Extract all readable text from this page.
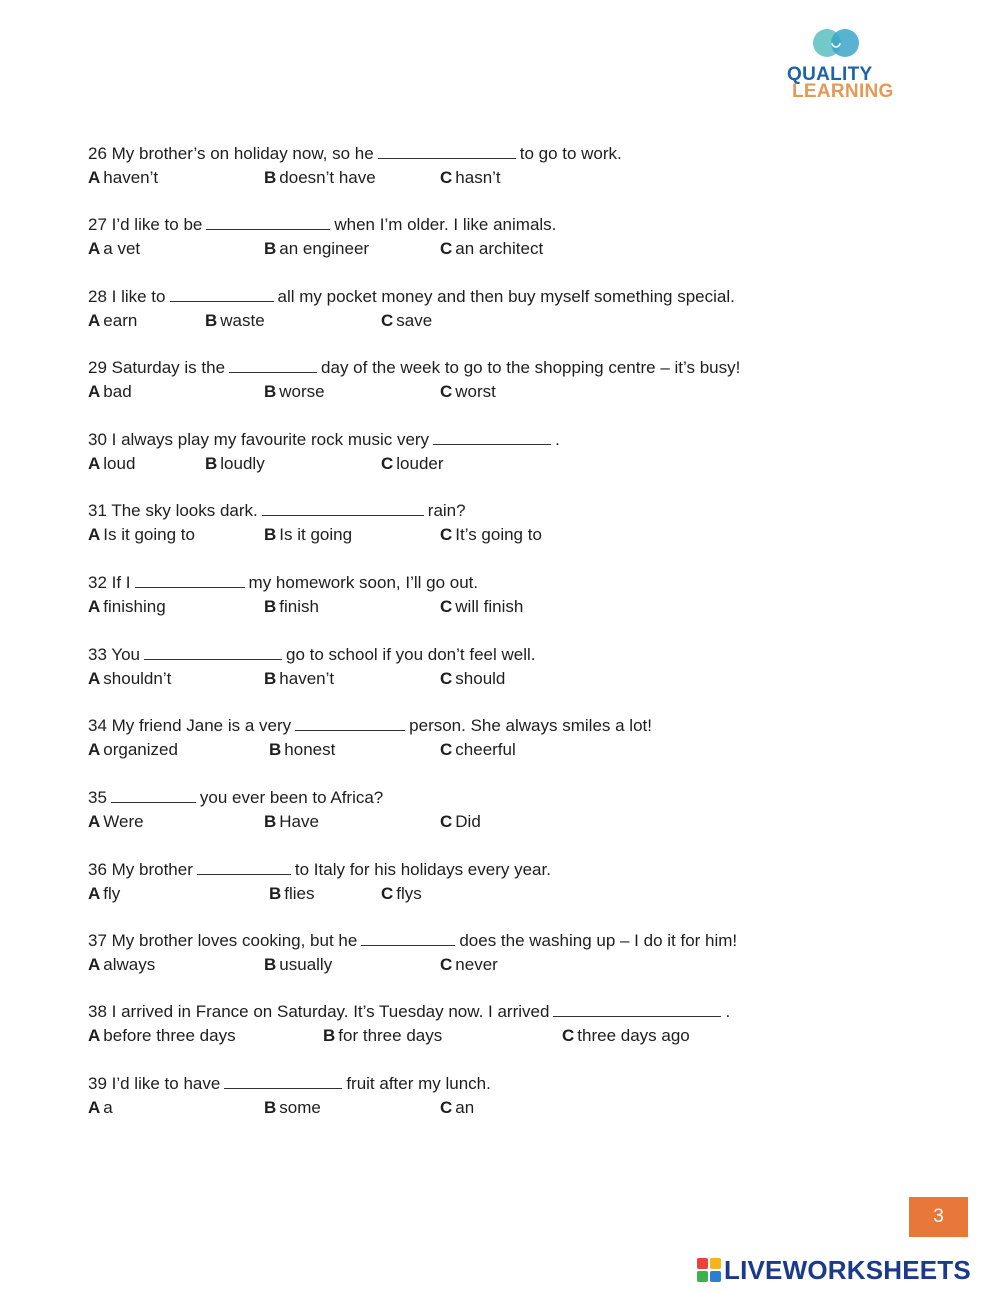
QUALITY
LEARNING
26 My brother’s on holiday now, so he	to go to work.
A haven’t	B doesn’t have	C hasn’t
27 I’d like to be	when I’m older. I like animals.
A a vet	B an engineer	C an architect
28 I like to	all my pocket money and then buy myself something special.
A earn	B waste	C save
29 Saturday is the	day of the week to go to the shopping centre – it’s busy!
A bad	B worse	C worst
30 I always play my favourite rock music very	.
A loud	B loudly	C louder
31 The sky looks dark.	rain?
A Is it going to	B Is it going	C It’s going to
32 If I	my homework soon, I’ll go out.
A finishing	B finish	C will finish
33 You	go to school if you don’t feel well.
A shouldn’t	B haven’t	C should
34 My friend Jane is a very	person. She always smiles a lot!
A organized	B honest	C cheerful
35	you ever been to Africa?
A Were	B Have	C Did
36 My brother	to Italy for his holidays every year.
A fly	B flies	C flys
37 My brother loves cooking, but he	does the washing up – I do it for him!
A always	B usually	C never
38 I arrived in France on Saturday. It’s Tuesday now. I arrived	.
A before three days	B for three days	C three days ago
39 I’d like to have	fruit after my lunch.
A a	B some	C an
3
LIVEWORKSHEETS
